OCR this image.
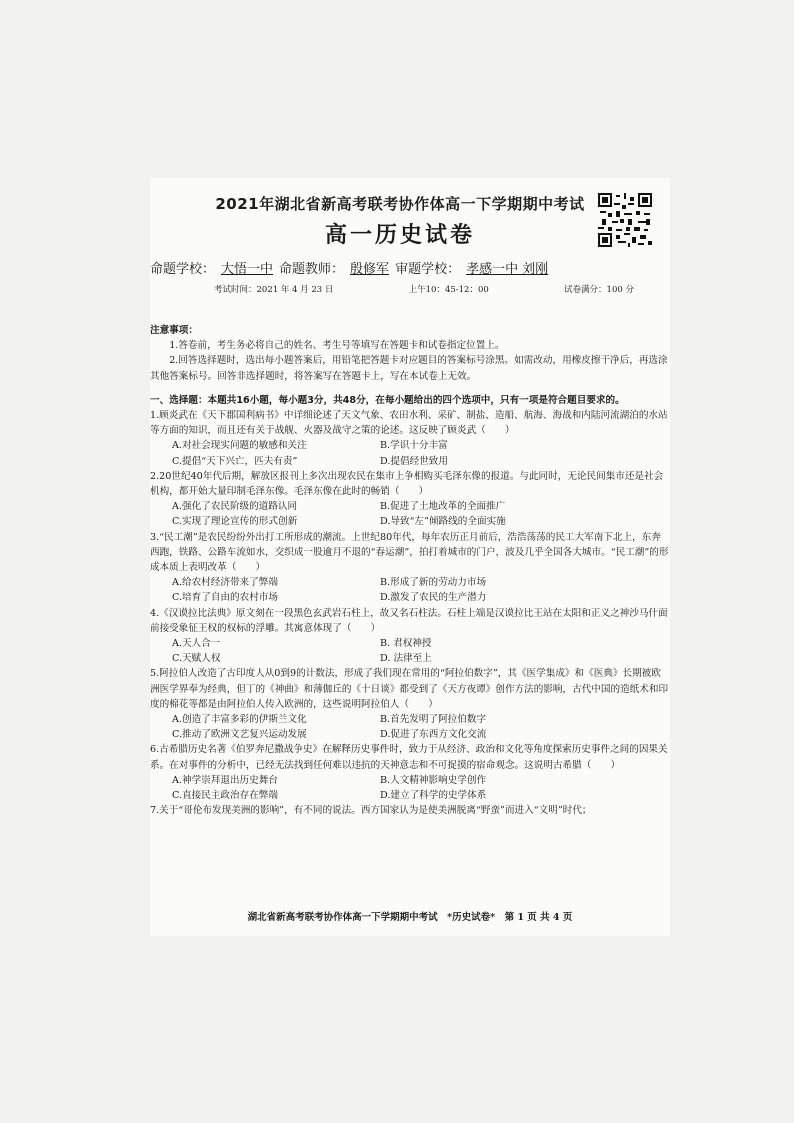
2021年湖北省新高考联考协作体高一下学期期中考试
高一历史试卷
命题学校： 大悟一中 命题教师： 殷修军 审题学校： 孝感一中 刘刚
考试时间：2021 年 4 月 23 日	上午10：45-12：00	试卷满分：100 分

注意事项：

1.答卷前，考生务必将自己的姓名、考生号等填写在答题卡和试卷指定位置上。

2.回答选择题时，选出每小题答案后，用铅笔把答题卡对应题目的答案标号涂黑。如需改动，用橡皮擦干净后，再选涂其他答案标号。回答非选择题时，将答案写在答题卡上，写在本试卷上无效。

一、选择题：本题共16小题，每小题3分，共48分，在每小题给出的四个选项中，只有一项是符合题目要求的。

1.顾炎武在《天下郡国利病书》中详细论述了天文气象、农田水利、采矿、制盐、造船、航海、海战和内陆河流湖泊的水站等方面的知识，而且还有关于战舰、火器及战守之策的论述。这反映了顾炎武（　　）

A.对社会现实问题的敏感和关注	B.学识十分丰富
C.提倡“天下兴亡，匹夫有责”	D.提倡经世致用

2.20世纪40年代后期，解放区报刊上多次出现农民在集市上争相购买毛泽东像的报道。与此同时，无论民间集市还是社会机构，都开始大量印制毛泽东像。毛泽东像在此时的畅销（　　）

A.强化了农民阶级的道路认同	B.促进了土地改革的全面推广
C.实现了理论宣传的形式创新	D.导致“左”倾路线的全面实施

3.“民工潮”是农民纷纷外出打工所形成的潮流。上世纪80年代，每年农历正月前后，浩浩荡荡的民工大军南下北上，东奔西跑，铁路、公路车流如水，交织成一股逾月不退的“春运潮”，拍打着城市的门户，波及几乎全国各大城市。“民工潮”的形成本质上表明改革（　　）

A.给农村经济带来了弊端	B.形成了新的劳动力市场
C.培育了自由的农村市场	D.激发了农民的生产潜力

4.《汉谟拉比法典》原文刻在一段黑色玄武岩石柱上，故又名石柱法。石柱上端是汉谟拉比王站在太阳和正义之神沙马什面前接受象征王权的权标的浮雕。其寓意体现了（　　）

A.天人合一	B. 君权神授
C.天赋人权	D. 法律至上

5.阿拉伯人改造了古印度人从0到9的计数法，形成了我们现在常用的“阿拉伯数字”，其《医学集成》和《医典》长期被欧洲医学界奉为经典，但丁的《神曲》和薄伽丘的《十日谈》都受到了《天方夜谭》创作方法的影响，古代中国的造纸术和印度的棉花等都是由阿拉伯人传入欧洲的，这些说明阿拉伯人（　　）

A.创造了丰富多彩的伊斯兰文化	B.首先发明了阿拉伯数字
C.推动了欧洲文艺复兴运动发展	D.促进了东西方文化交流

6.古希腊历史名著《伯罗奔尼撒战争史》在解释历史事件时，致力于从经济、政治和文化等角度探索历史事件之间的因果关系。在对事件的分析中，已经无法找到任何难以违抗的天神意志和不可捉摸的宿命观念。这说明古希腊（　　）

A.神学崇拜退出历史舞台	B.人文精神影响史学创作
C.直接民主政治存在弊端	D.建立了科学的史学体系

7.关于“哥伦布发现美洲的影响”，有不同的说法。西方国家认为是使美洲脱离“野蛮”而进入“文明”时代；

湖北省新高考联考协作体高一下学期期中考试　*历史试卷*　第 1 页 共 4 页
